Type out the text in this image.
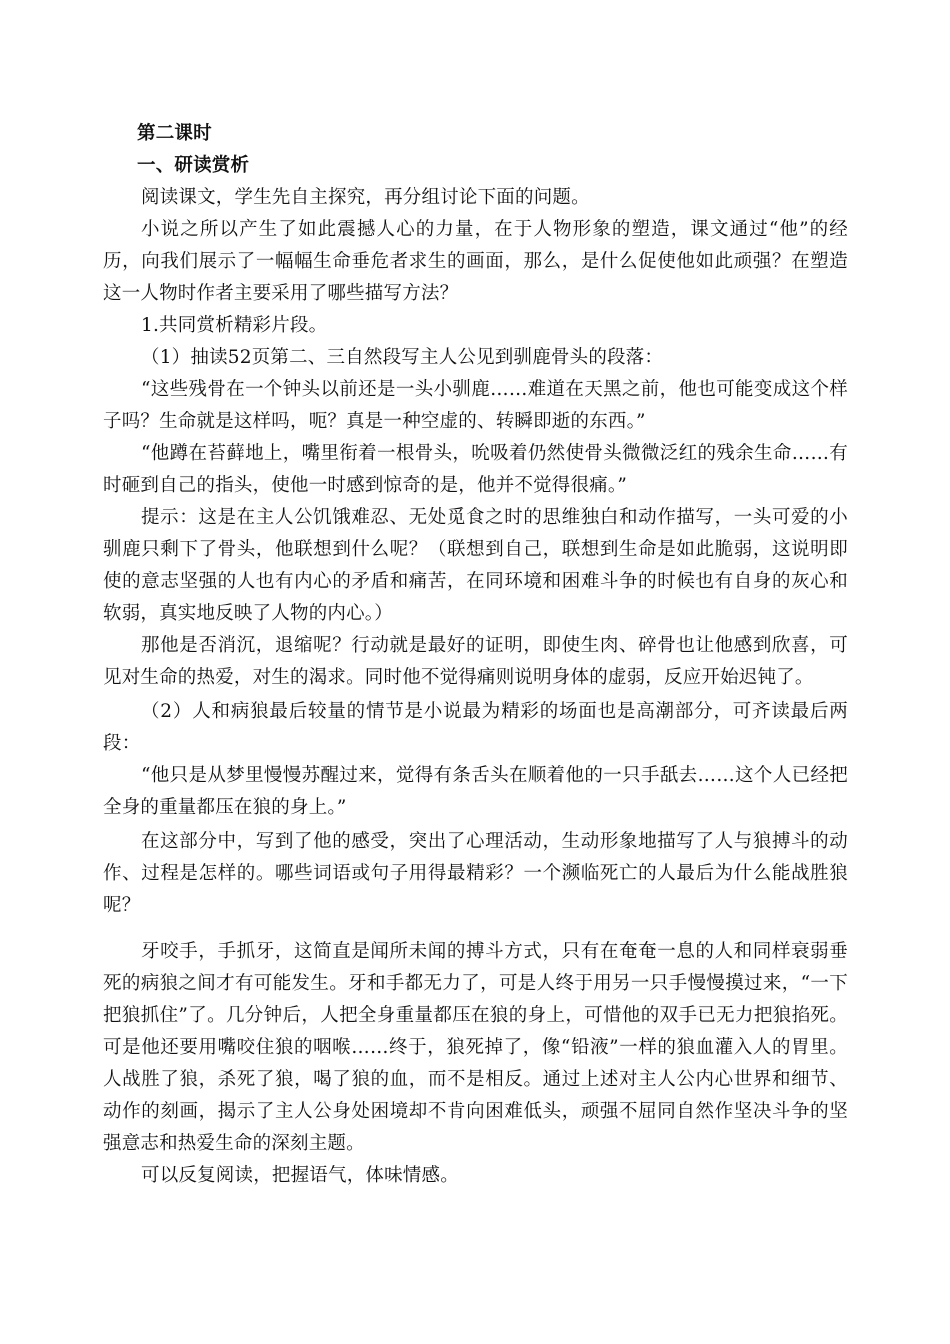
第二课时

一、研读赏析

阅读课文，学生先自主探究，再分组讨论下面的问题。

小说之所以产生了如此震撼人心的力量，在于人物形象的塑造，课文通过“他”的经历，向我们展示了一幅幅生命垂危者求生的画面，那么，是什么促使他如此顽强？在塑造这一人物时作者主要采用了哪些描写方法？

1.共同赏析精彩片段。

（1）抽读52页第二、三自然段写主人公见到驯鹿骨头的段落：

“这些残骨在一个钟头以前还是一头小驯鹿……难道在天黑之前，他也可能变成这个样子吗？生命就是这样吗，呃？真是一种空虚的、转瞬即逝的东西。”

“他蹲在苔藓地上，嘴里衔着一根骨头，吮吸着仍然使骨头微微泛红的残余生命……有时砸到自己的指头，使他一时感到惊奇的是，他并不觉得很痛。”

提示：这是在主人公饥饿难忍、无处觅食之时的思维独白和动作描写，一头可爱的小驯鹿只剩下了骨头，他联想到什么呢？（联想到自己，联想到生命是如此脆弱，这说明即使的意志坚强的人也有内心的矛盾和痛苦，在同环境和困难斗争的时候也有自身的灰心和软弱，真实地反映了人物的内心。）

那他是否消沉，退缩呢？行动就是最好的证明，即使生肉、碎骨也让他感到欣喜，可见对生命的热爱，对生的渴求。同时他不觉得痛则说明身体的虚弱，反应开始迟钝了。

（2）人和病狼最后较量的情节是小说最为精彩的场面也是高潮部分，可齐读最后两段：

“他只是从梦里慢慢苏醒过来，觉得有条舌头在顺着他的一只手舐去……这个人已经把全身的重量都压在狼的身上。”

在这部分中，写到了他的感受，突出了心理活动，生动形象地描写了人与狼搏斗的动作、过程是怎样的。哪些词语或句子用得最精彩？一个濒临死亡的人最后为什么能战胜狼呢？

牙咬手，手抓牙，这简直是闻所未闻的搏斗方式，只有在奄奄一息的人和同样衰弱垂死的病狼之间才有可能发生。牙和手都无力了，可是人终于用另一只手慢慢摸过来，“一下把狼抓住”了。几分钟后，人把全身重量都压在狼的身上，可惜他的双手已无力把狼掐死。可是他还要用嘴咬住狼的咽喉……终于，狼死掉了，像“铅液”一样的狼血灌入人的胃里。人战胜了狼，杀死了狼，喝了狼的血，而不是相反。通过上述对主人公内心世界和细节、动作的刻画，揭示了主人公身处困境却不肯向困难低头，顽强不屈同自然作坚决斗争的坚强意志和热爱生命的深刻主题。

可以反复阅读，把握语气，体味情感。
